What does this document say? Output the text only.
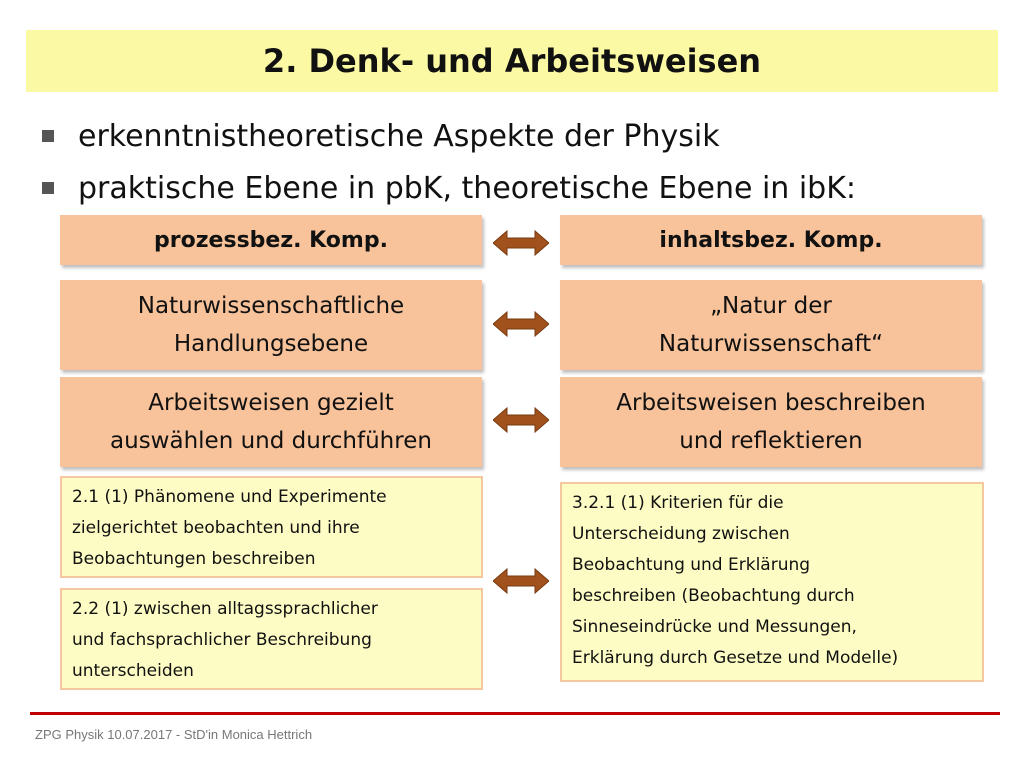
2. Denk- und Arbeitsweisen
erkenntnistheoretische Aspekte der Physik
praktische Ebene in pbK, theoretische Ebene in ibK:
prozessbez. Komp.	inhaltsbez. Komp.
Naturwissenschaftliche
Handlungsebene
„Natur der
Naturwissenschaft“
Arbeitsweisen gezielt
auswählen und durchführen
Arbeitsweisen beschreiben
und reflektieren
2.1 (1) Phänomene und Experimente
zielgerichtet beobachten und ihre
Beobachtungen beschreiben
2.2 (1) zwischen alltagssprachlicher
und fachsprachlicher Beschreibung
unterscheiden
3.2.1 (1) Kriterien für die
Unterscheidung zwischen
Beobachtung und Erklärung
beschreiben (Beobachtung durch
Sinneseindrücke und Messungen,
Erklärung durch Gesetze und Modelle)
ZPG Physik 10.07.2017 - StD'in Monica Hettrich
